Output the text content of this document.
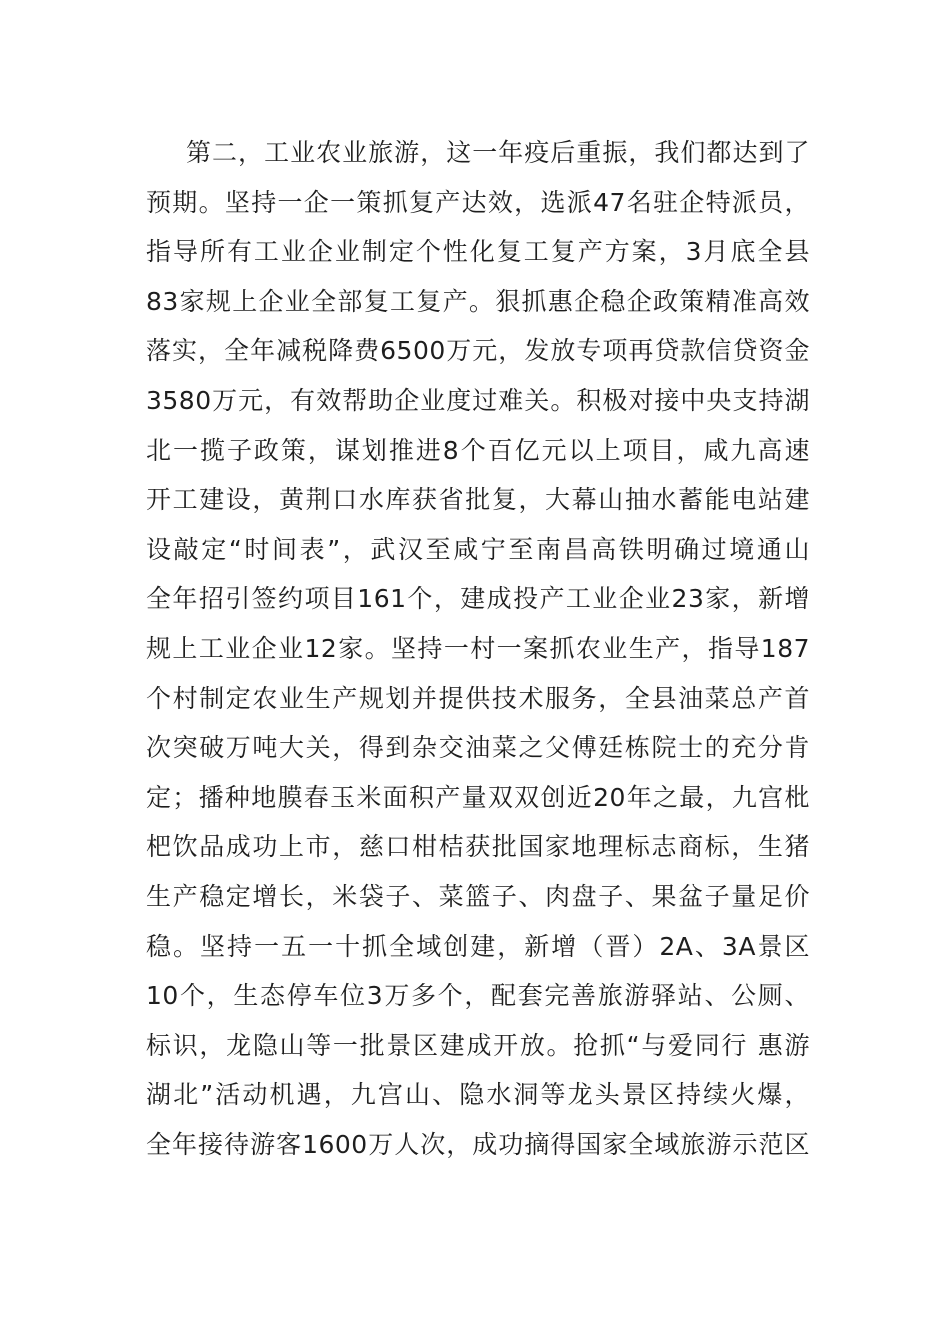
第二，工业农业旅游，这一年疫后重振，我们都达到了
预期。坚持一企一策抓复产达效，选派47名驻企特派员，
指导所有工业企业制定个性化复工复产方案，3月底全县
83家规上企业全部复工复产。狠抓惠企稳企政策精准高效
落实，全年减税降费6500万元，发放专项再贷款信贷资金
3580万元，有效帮助企业度过难关。积极对接中央支持湖
北一揽子政策，谋划推进8个百亿元以上项目，咸九高速
开工建设，黄荆口水库获省批复，大幕山抽水蓄能电站建
设敲定“时间表”，武汉至咸宁至南昌高铁明确过境通山
全年招引签约项目161个，建成投产工业企业23家，新增
规上工业企业12家。坚持一村一案抓农业生产，指导187
个村制定农业生产规划并提供技术服务，全县油菜总产首
次突破万吨大关，得到杂交油菜之父傅廷栋院士的充分肯
定；播种地膜春玉米面积产量双双创近20年之最，九宫枇
杷饮品成功上市，慈口柑桔获批国家地理标志商标，生猪
生产稳定增长，米袋子、菜篮子、肉盘子、果盆子量足价
稳。坚持一五一十抓全域创建，新增（晋）2A、3A景区
10个，生态停车位3万多个，配套完善旅游驿站、公厕、
标识，龙隐山等一批景区建成开放。抢抓“与爱同行 惠游
湖北”活动机遇，九宫山、隐水洞等龙头景区持续火爆，
全年接待游客1600万人次，成功摘得国家全域旅游示范区
